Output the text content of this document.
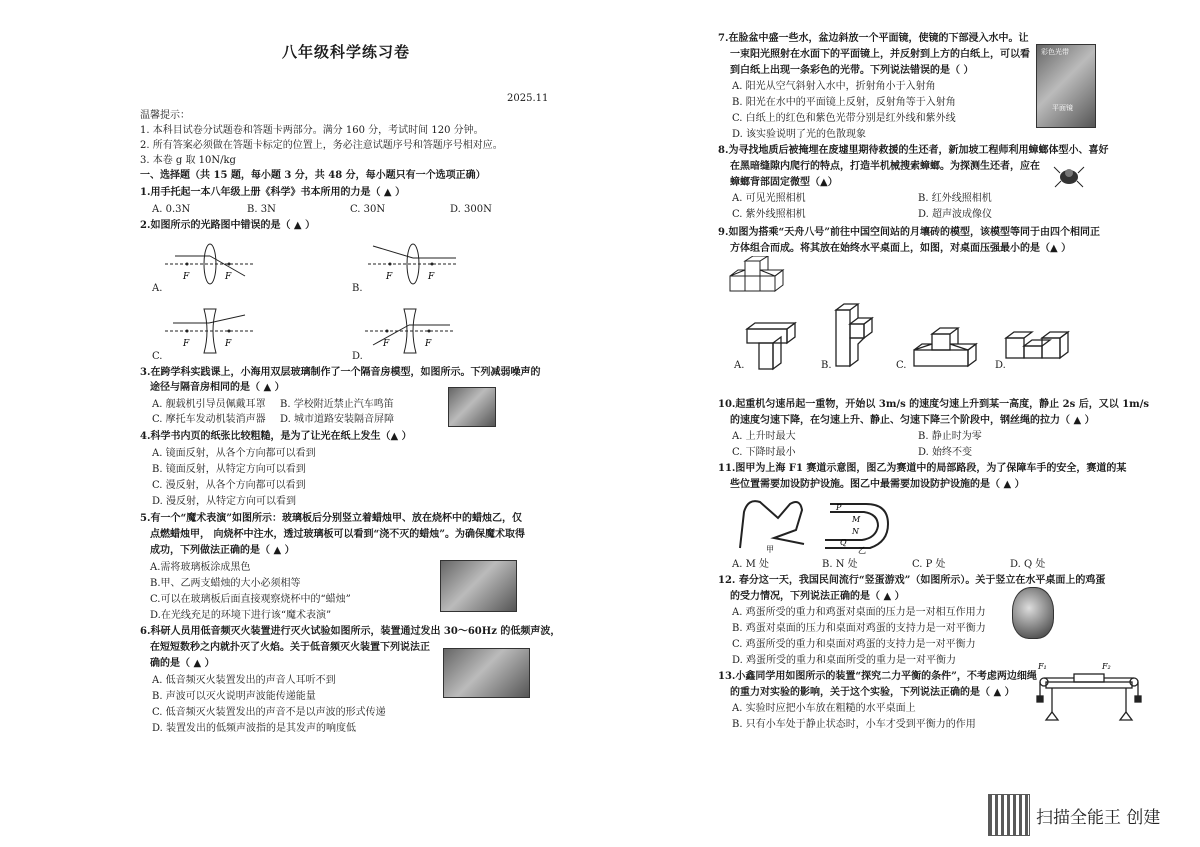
八年级科学练习卷
2025.11
温馨提示：
1. 本科目试卷分试题卷和答题卡两部分。满分 160 分，考试时间 120 分钟。
2. 所有答案必须做在答题卡标定的位置上，务必注意试题序号和答题序号相对应。
3. 本卷 g 取 10N/kg
一、选择题（共 15 题，每小题 3 分，共 48 分，每小题只有一个选项正确）
1.用手托起一本八年级上册《科学》书本所用的力是（ ▲ ）
A. 0.3N	B. 3N	C. 30N	D. 300N
2.如图所示的光路图中错误的是（ ▲ ）
A.	B.
C.	D.
F	F	F	F
F	F	F	F
3.在跨学科实践课上，小海用双层玻璃制作了一个隔音房模型，如图所示。下列减弱噪声的
途径与隔音房相同的是（ ▲ ）
A. 舰载机引导员佩戴耳罩 B. 学校附近禁止汽车鸣笛
C. 摩托车发动机装消声器 D. 城市道路安装隔音屏障
4.科学书内页的纸张比较粗糙，是为了让光在纸上发生（▲ ）
A. 镜面反射，从各个方向都可以看到
B. 镜面反射，从特定方向可以看到
C. 漫反射，从各个方向都可以看到
D. 漫反射，从特定方向可以看到
5.有一个“魔术表演”如图所示：玻璃板后分别竖立着蜡烛甲、放在烧杯中的蜡烛乙，仅
点燃蜡烛甲， 向烧杯中注水，透过玻璃板可以看到“浇不灭的蜡烛”。为确保魔术取得
成功，下列做法正确的是（ ▲ ）
A.需将玻璃板涂成黑色
B.甲、乙两支蜡烛的大小必须相等
C.可以在玻璃板后面直接观察烧杯中的“蜡烛”
D.在光线充足的环境下进行该“魔术表演”
6.科研人员用低音频灭火装置进行灭火试验如图所示，装置通过发出 30～60Hz 的低频声波，
在短短数秒之内就扑灭了火焰。关于低音频灭火装置下列说法正
确的是（ ▲ ）
A. 低音频灭火装置发出的声音人耳听不到
B. 声波可以灭火说明声波能传递能量
C. 低音频灭火装置发出的声音不是以声波的形式传递
D. 装置发出的低频声波指的是其发声的响度低
7.在脸盆中盛一些水，盆边斜放一个平面镜，使镜的下部浸入水中。让
一束阳光照射在水面下的平面镜上，并反射到上方的白纸上，可以看
到白纸上出现一条彩色的光带。下列说法错误的是（ ）
A. 阳光从空气斜射入水中，折射角小于入射角
B. 阳光在水中的平面镜上反射，反射角等于入射角
C. 白纸上的红色和紫色光带分别是红外线和紫外线
D. 该实验说明了光的色散现象
彩色光带
平面镜
8.为寻找地质后被掩埋在废墟里期待救援的生还者，新加坡工程师利用蟑螂体型小、喜好
在黑暗缝隙内爬行的特点，打造半机械搜索蟑螂。为探测生还者，应在
蟑螂背部固定微型（▲）
A. 可见光照相机	B. 红外线照相机
C. 紫外线照相机	D. 超声波成像仪
9.如图为搭乘“天舟八号”前往中国空间站的月壤砖的模型，该模型等同于由四个相同正
方体组合而成。将其放在始终水平桌面上，如图，对桌面压强最小的是（▲ ）
A.	B.	C.	D.
10.起重机匀速吊起一重物，开始以 3m/s 的速度匀速上升到某一高度，静止 2s 后，又以 1m/s
的速度匀速下降，在匀速上升、静止、匀速下降三个阶段中，钢丝绳的拉力（ ▲ ）
A. 上升时最大	B. 静止时为零
C. 下降时最小	D. 始终不变
11.图甲为上海 F1 赛道示意图，图乙为赛道中的局部路段，为了保障车手的安全，赛道的某
些位置需要加设防护设施。图乙中最需要加设防护设施的是（ ▲ ）
甲	乙
P
M
N
Q
A. M 处	B. N 处	C. P 处	D. Q 处
12. 春分这一天，我国民间流行“竖蛋游戏”（如图所示）。关于竖立在水平桌面上的鸡蛋
的受力情况，下列说法正确的是（ ▲ ）
A. 鸡蛋所受的重力和鸡蛋对桌面的压力是一对相互作用力
B. 鸡蛋对桌面的压力和桌面对鸡蛋的支持力是一对平衡力
C. 鸡蛋所受的重力和桌面对鸡蛋的支持力是一对平衡力
D. 鸡蛋所受的重力和桌面所受的重力是一对平衡力
13.小鑫同学用如图所示的装置“探究二力平衡的条件”，不考虑两边细绳
的重力对实验的影响，关于这个实验，下列说法正确的是（ ▲ ）
A. 实验时应把小车放在粗糙的水平桌面上
B. 只有小车处于静止状态时，小车才受到平衡力的作用
F₁	F₂
扫描全能王 创建
